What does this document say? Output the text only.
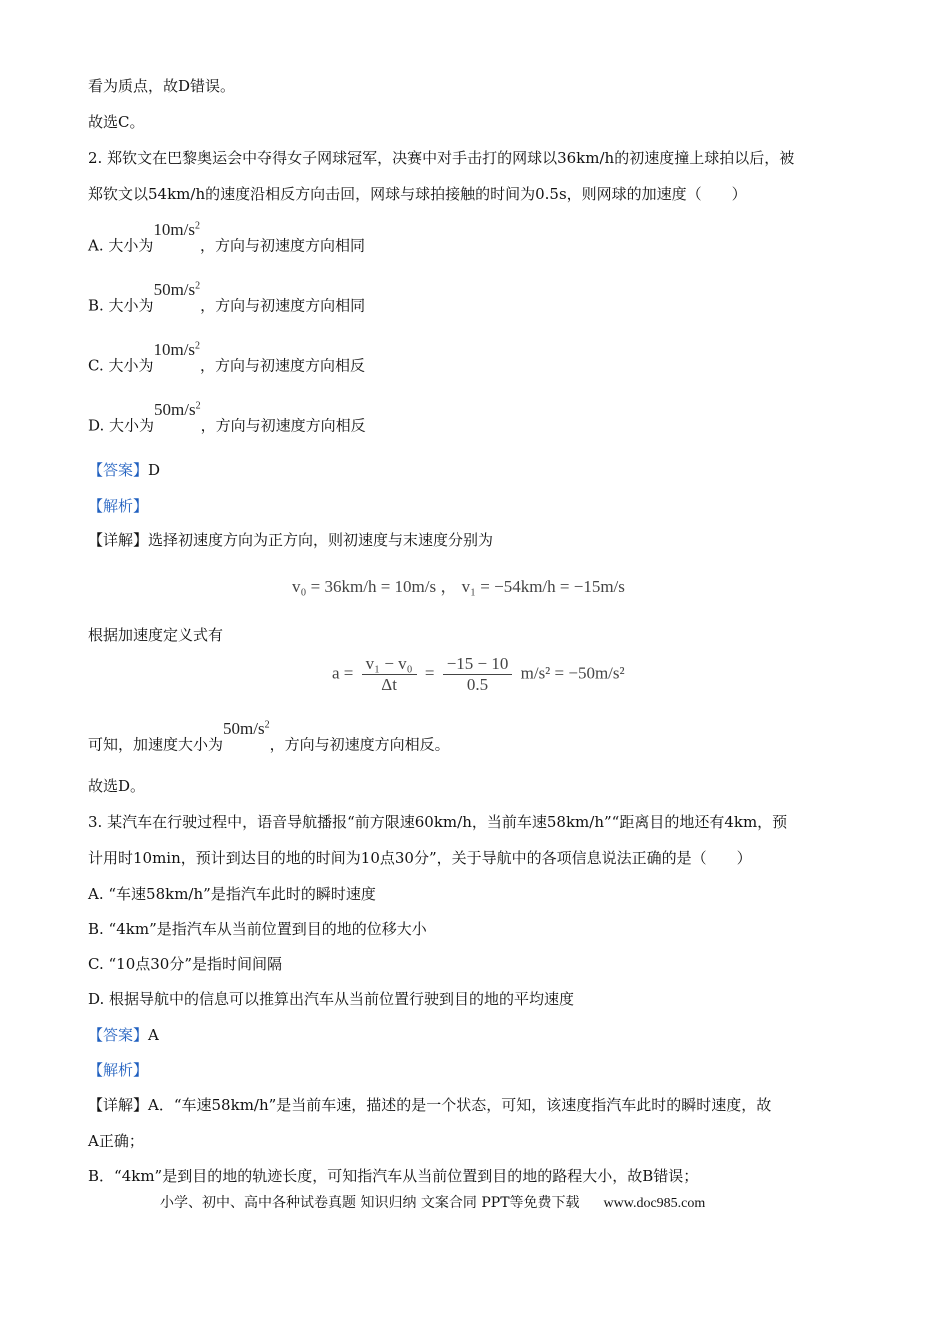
看为质点，故D错误。
故选C。
2. 郑钦文在巴黎奥运会中夺得女子网球冠军，决赛中对手击打的网球以36km/h的初速度撞上球拍以后，被
郑钦文以54km/h的速度沿相反方向击回，网球与球拍接触的时间为0.5s，则网球的加速度（　　）
A. 大小为$10m/s^2$，方向与初速度方向相同
B. 大小为$50m/s^2$，方向与初速度方向相同
C. 大小为$10m/s^2$，方向与初速度方向相反
D. 大小为$50m/s^2$，方向与初速度方向相反
【答案】D
【解析】
【详解】选择初速度方向为正方向，则初速度与末速度分别为
v₀ = 36km/h = 10m/s ， v₁ = −54km/h = −15m/s
根据加速度定义式有
$a = \frac{\text{v₁ − v₀}}{\Delta t} = \frac{-15 - 10}{0.5} m/s^2 = -50m/s^2$
可知，加速度大小为$50m/s^2$，方向与初速度方向相反。
故选D。
3. 某汽车在行驶过程中，语音导航播报“前方限速60km/h，当前车速58km/h”“距离目的地还有4km，预
计用时10min，预计到达目的地的时间为10点30分”，关于导航中的各项信息说法正确的是（　　）
A. “车速58km/h”是指汽车此时的瞬时速度
B. “4km”是指汽车从当前位置到目的地的位移大小
C. “10点30分”是指时间间隔
D. 根据导航中的信息可以推算出汽车从当前位置行驶到目的地的平均速度
【答案】A
【解析】
【详解】A．“车速58km/h”是当前车速，描述的是一个状态，可知，该速度指汽车此时的瞬时速度，故
A正确；
B．“4km”是到目的地的轨迹长度，可知指汽车从当前位置到目的地的路程大小，故B错误；
小学、初中、高中各种试卷真题 知识归纳 文案合同 PPT等免费下载 www.doc985.com
